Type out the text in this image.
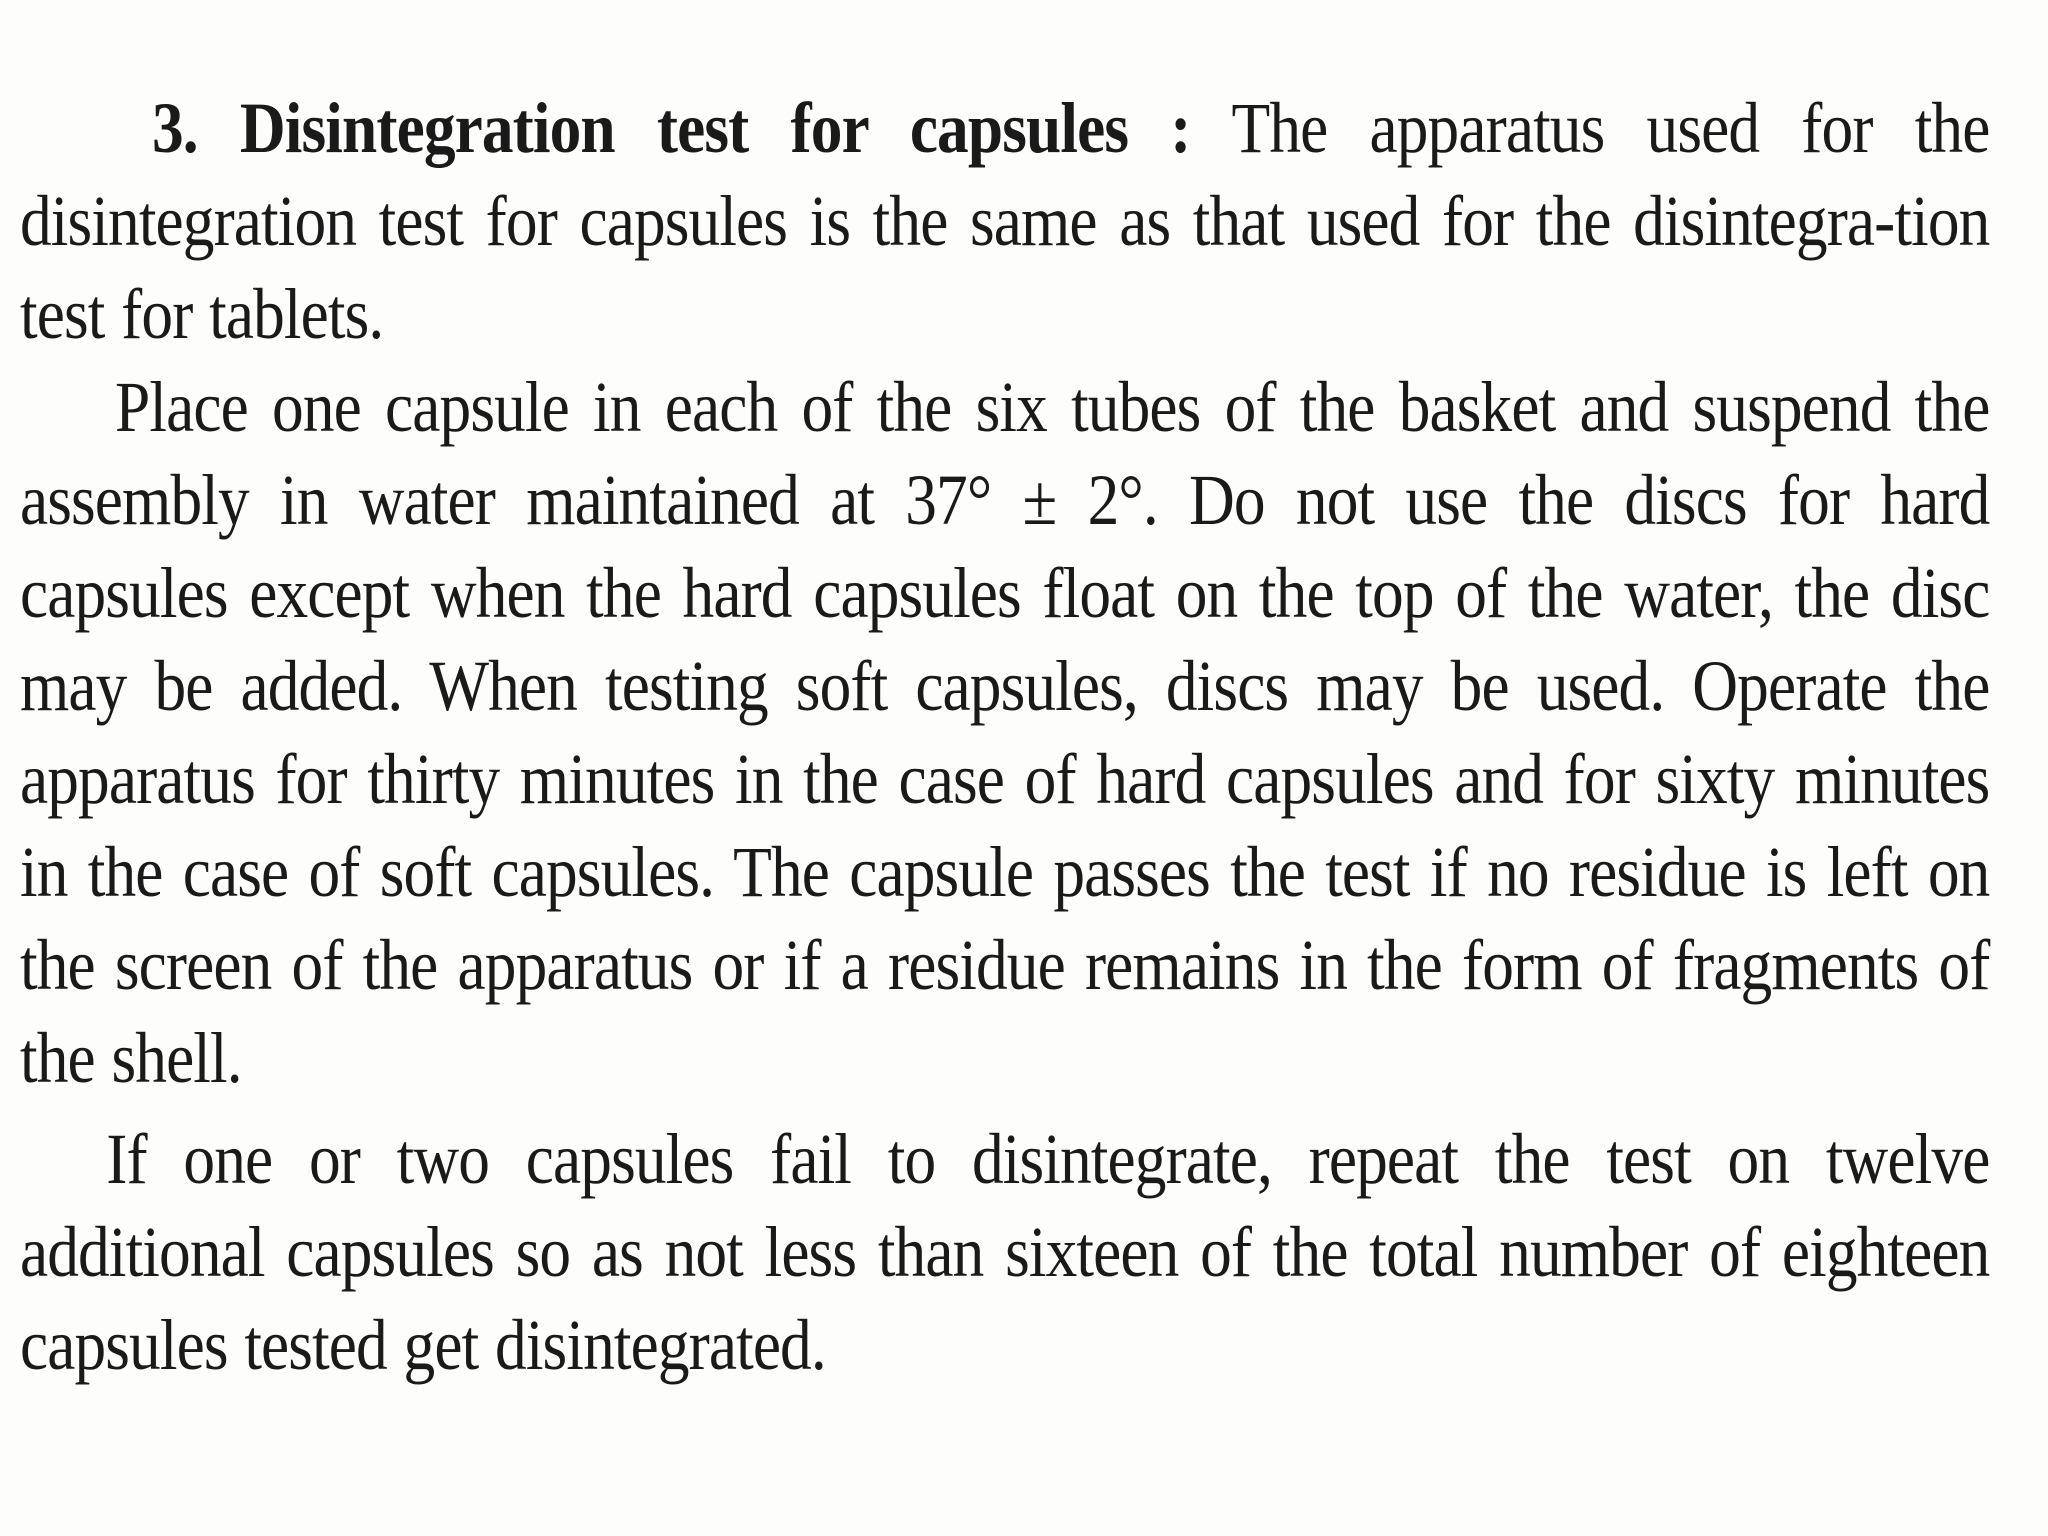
3. Disintegration test for capsules : The apparatus used for the disintegration test for capsules is the same as that used for the disintegra-tion test for tablets.

Place one capsule in each of the six tubes of the basket and suspend the assembly in water maintained at 37° ± 2°. Do not use the discs for hard capsules except when the hard capsules float on the top of the water, the disc may be added. When testing soft capsules, discs may be used. Operate the apparatus for thirty minutes in the case of hard capsules and for sixty minutes in the case of soft capsules. The capsule passes the test if no residue is left on the screen of the apparatus or if a residue remains in the form of fragments of the shell.

If one or two capsules fail to disintegrate, repeat the test on twelve additional capsules so as not less than sixteen of the total number of eighteen capsules tested get disintegrated.
